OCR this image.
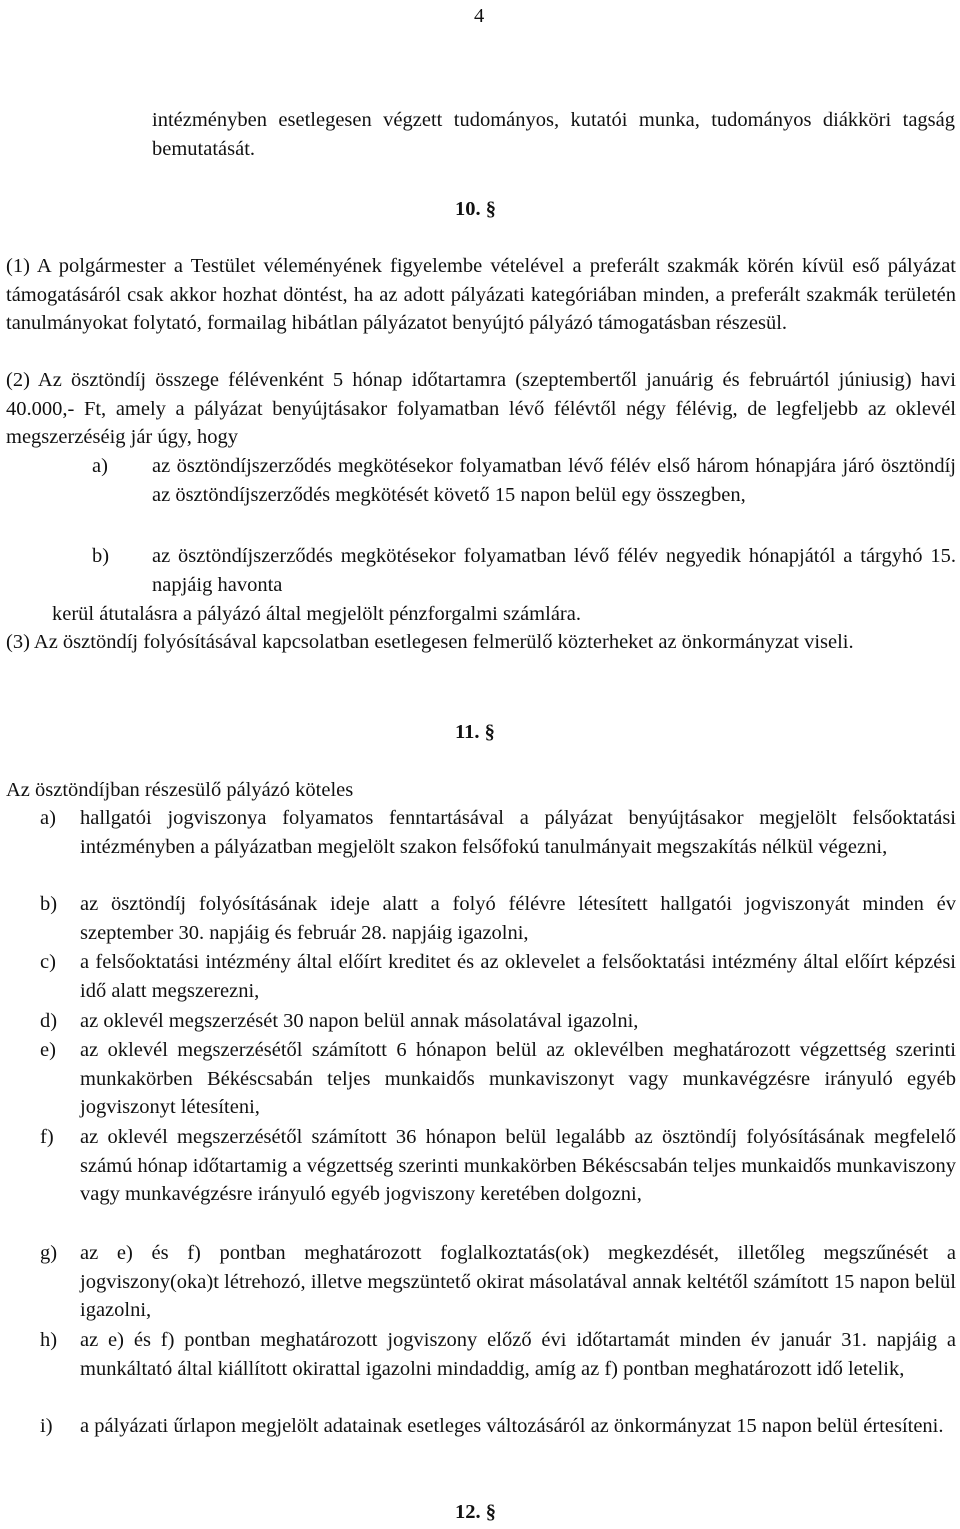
4
intézményben esetlegesen végzett tudományos, kutatói munka, tudományos diákköri tagság bemutatását.
10. §
(1) A polgármester a Testület véleményének figyelembe vételével a preferált szakmák körén kívül eső pályázat támogatásáról csak akkor hozhat döntést, ha az adott pályázati kategóriában minden, a preferált szakmák területén tanulmányokat folytató, formailag hibátlan pályázatot benyújtó pályázó támogatásban részesül.
(2) Az ösztöndíj összege félévenként 5 hónap időtartamra (szeptembertől januárig és februártól júniusig) havi 40.000,- Ft, amely a pályázat benyújtásakor folyamatban lévő félévtől négy félévig, de legfeljebb az oklevél megszerzéséig jár úgy, hogy
a)	az ösztöndíjszerződés megkötésekor folyamatban lévő félév első három hónapjára járó ösztöndíj az ösztöndíjszerződés megkötését követő 15 napon belül egy összegben,
b)	az ösztöndíjszerződés megkötésekor folyamatban lévő félév negyedik hónapjától a tárgyhó 15. napjáig havonta
kerül átutalásra a pályázó által megjelölt pénzforgalmi számlára.
(3) Az ösztöndíj folyósításával kapcsolatban esetlegesen felmerülő közterheket az önkormányzat viseli.
11. §
Az ösztöndíjban részesülő pályázó köteles
a)	hallgatói jogviszonya folyamatos fenntartásával a pályázat benyújtásakor megjelölt felsőoktatási intézményben a pályázatban megjelölt szakon felsőfokú tanulmányait megszakítás nélkül végezni,
b)	az ösztöndíj folyósításának ideje alatt a folyó félévre létesített hallgatói jogviszonyát minden év szeptember 30. napjáig és február 28. napjáig igazolni,
c)	a felsőoktatási intézmény által előírt kreditet és az oklevelet a felsőoktatási intézmény által előírt képzési idő alatt megszerezni,
d)	az oklevél megszerzését 30 napon belül annak másolatával igazolni,
e)	az oklevél megszerzésétől számított 6 hónapon belül az oklevélben meghatározott végzettség szerinti munkakörben Békéscsabán teljes munkaidős munkaviszonyt vagy munkavégzésre irányuló egyéb jogviszonyt létesíteni,
f)	az oklevél megszerzésétől számított 36 hónapon belül legalább az ösztöndíj folyósításának megfelelő számú hónap időtartamig a végzettség szerinti munkakörben Békéscsabán teljes munkaidős munkaviszony vagy munkavégzésre irányuló egyéb jogviszony keretében dolgozni,
g)	az e) és f) pontban meghatározott foglalkoztatás(ok) megkezdését, illetőleg megszűnését a jogviszony(oka)t létrehozó, illetve megszüntető okirat másolatával annak keltétől számított 15 napon belül igazolni,
h)	az e) és f) pontban meghatározott jogviszony előző évi időtartamát minden év január 31. napjáig a munkáltató által kiállított okirattal igazolni mindaddig, amíg az f) pontban meghatározott idő letelik,
i)	a pályázati űrlapon megjelölt adatainak esetleges változásáról az önkormányzat 15 napon belül értesíteni.
12. §
